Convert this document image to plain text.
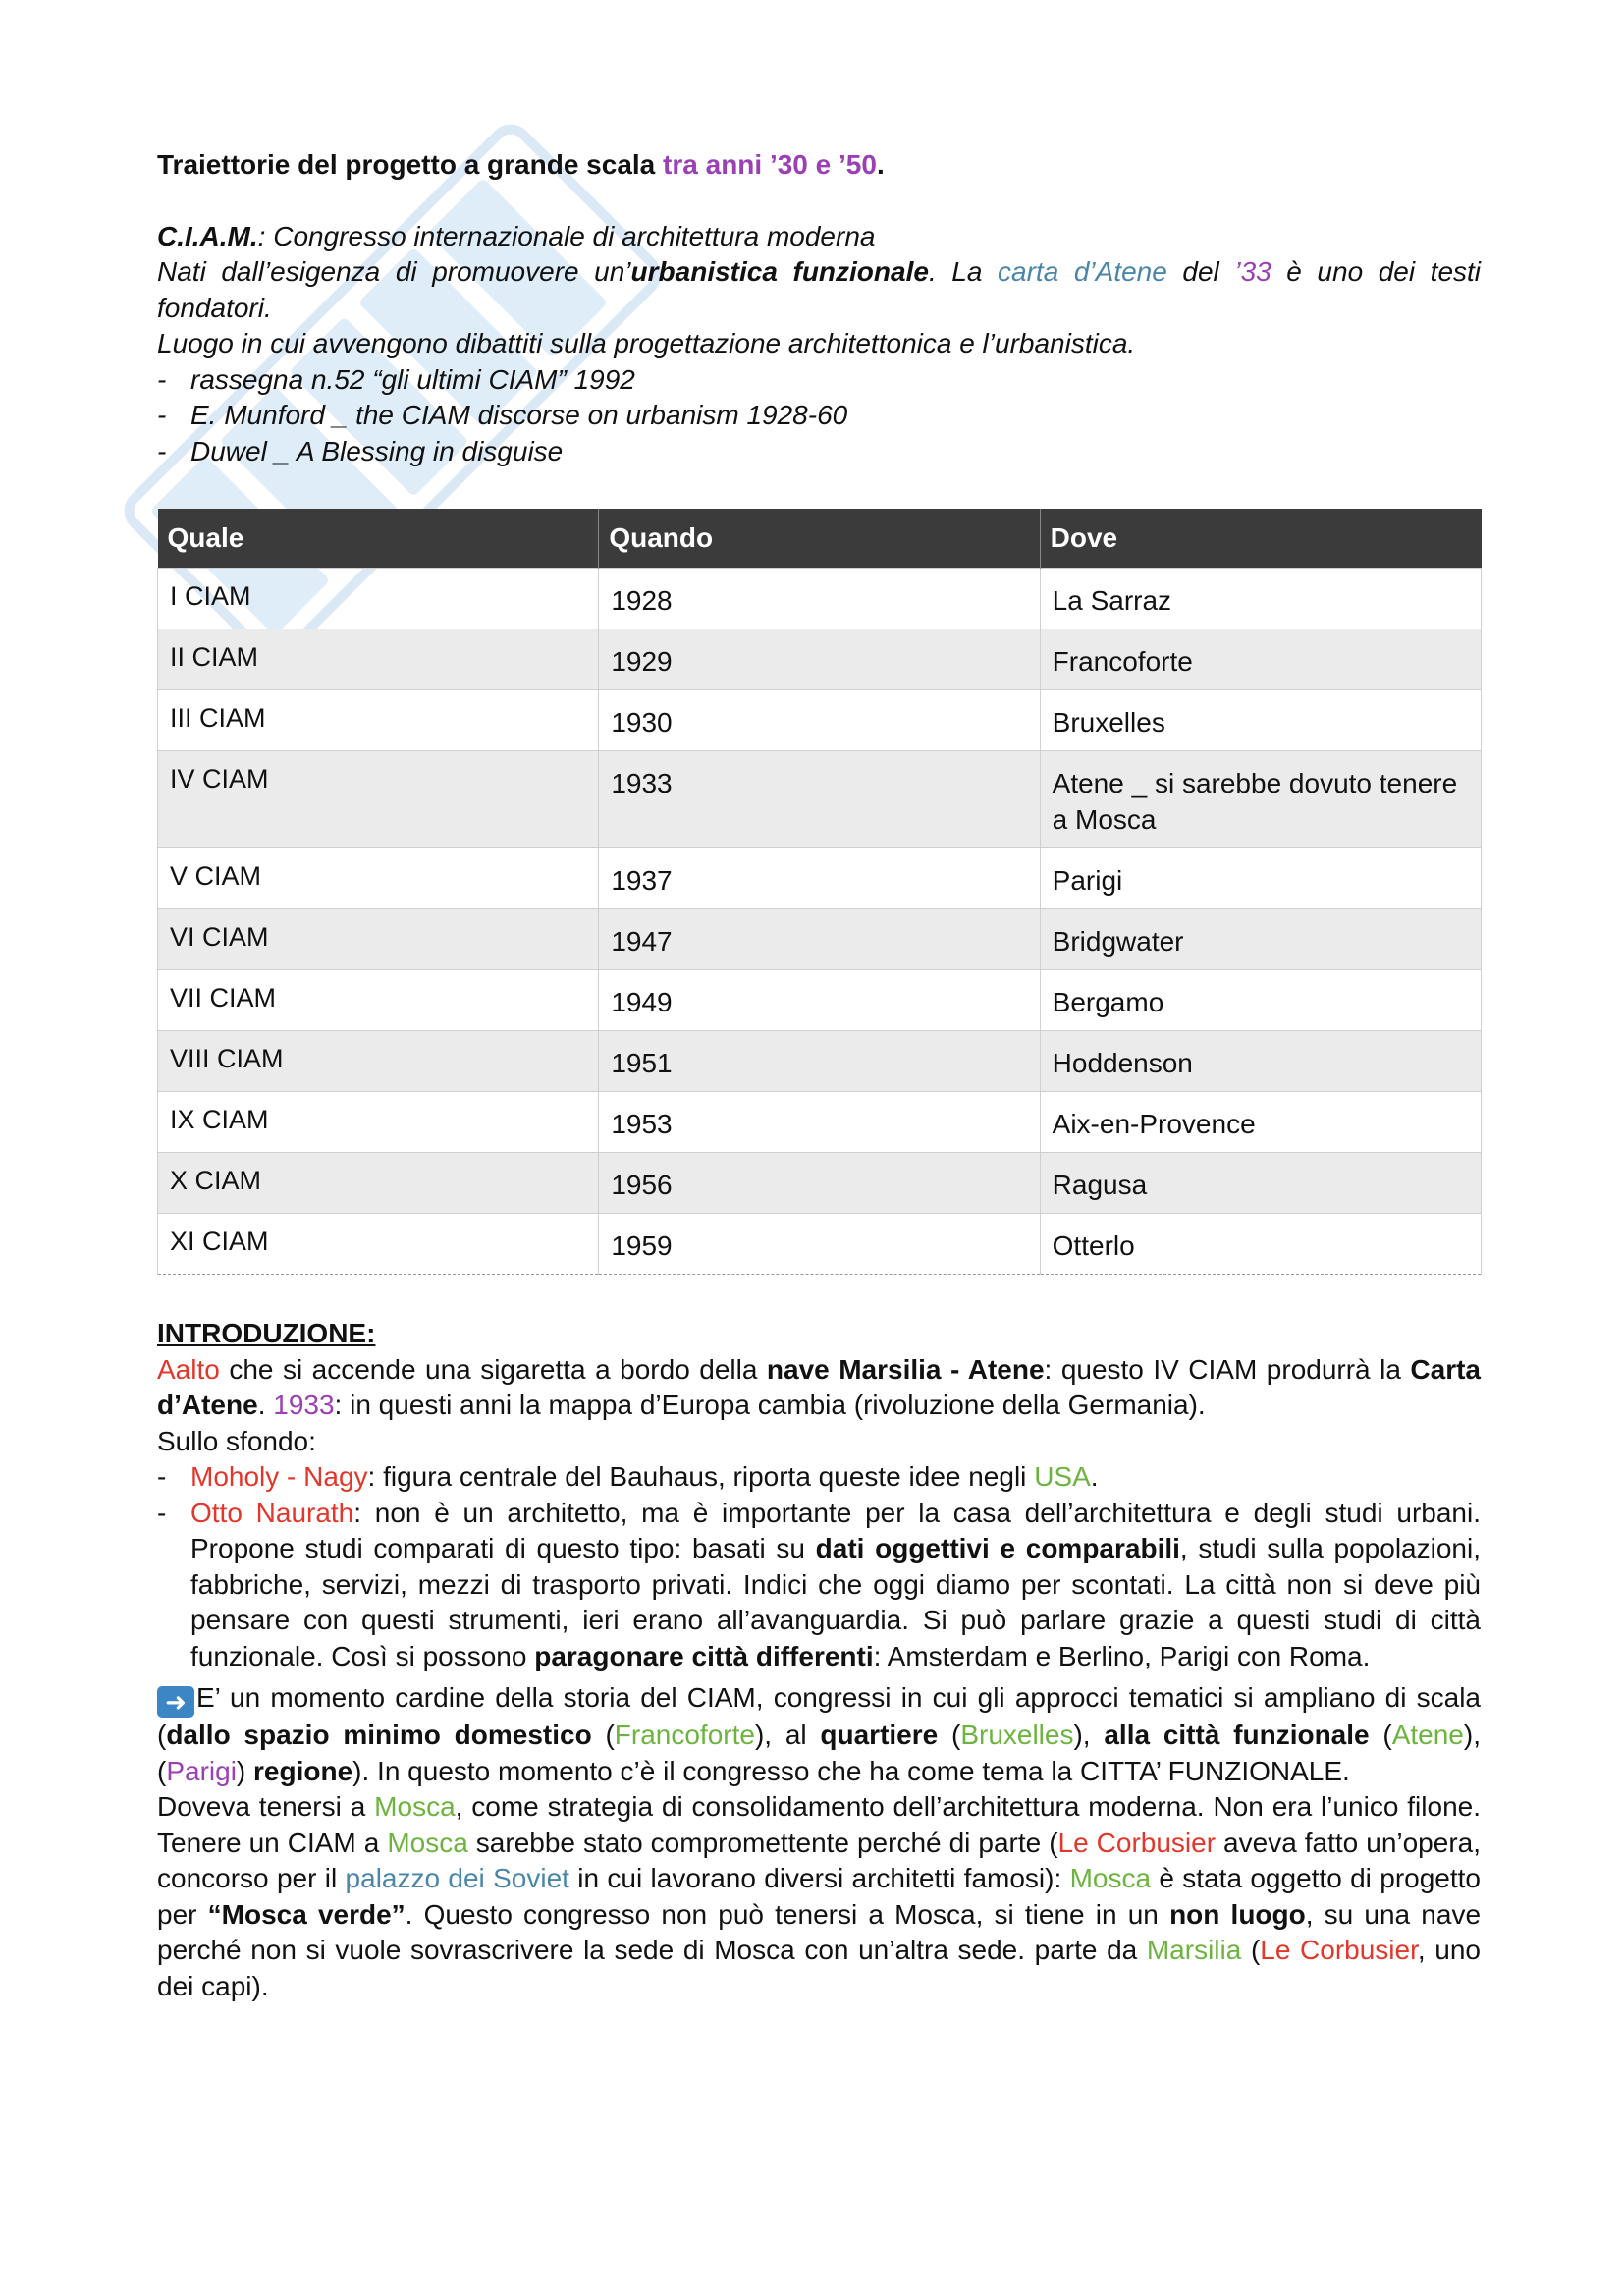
Traiettorie del progetto a grande scala tra anni ’30 e ’50.

C.I.A.M.: Congresso internazionale di architettura moderna
Nati dall’esigenza di promuovere un’urbanistica funzionale. La carta d’Atene del ’33 è uno dei testi fondatori.
Luogo in cui avvengono dibattiti sulla progettazione architettonica e l’urbanistica.
- rassegna n.52 “gli ultimi CIAM” 1992
- E. Munford _ the CIAM discorse on urbanism 1928-60
- Duwel _ A Blessing in disguise
Quale	Quando	Dove
I CIAM	1928	La Sarraz
II CIAM	1929	Francoforte
III CIAM	1930	Bruxelles
IV CIAM	1933	Atene _ si sarebbe dovuto tenere a Mosca
V CIAM	1937	Parigi
VI CIAM	1947	Bridgwater
VII CIAM	1949	Bergamo
VIII CIAM	1951	Hoddenson
IX CIAM	1953	Aix-en-Provence
X CIAM	1956	Ragusa
XI CIAM	1959	Otterlo

INTRODUZIONE:

Aalto che si accende una sigaretta a bordo della nave Marsilia - Atene: questo IV CIAM produrrà la Carta d’Atene. 1933: in questi anni la mappa d’Europa cambia (rivoluzione della Germania).
Sullo sfondo:
- Moholy - Nagy: figura centrale del Bauhaus, riporta queste idee negli USA.
- Otto Naurath: non è un architetto, ma è importante per la casa dell’architettura e degli studi urbani. Propone studi comparati di questo tipo: basati su dati oggettivi e comparabili, studi sulla popolazioni, fabbriche, servizi, mezzi di trasporto privati. Indici che oggi diamo per scontati. La città non si deve più pensare con questi strumenti, ieri erano all’avanguardia. Si può parlare grazie a questi studi di città funzionale. Così si possono paragonare città differenti: Amsterdam e Berlino, Parigi con Roma.
➜ E’ un momento cardine della storia del CIAM, congressi in cui gli approcci tematici si ampliano di scala (dallo spazio minimo domestico (Francoforte), al quartiere (Bruxelles), alla città funzionale (Atene), (Parigi) regione). In questo momento c’è il congresso che ha come tema la CITTA’ FUNZIONALE.
Doveva tenersi a Mosca, come strategia di consolidamento dell’architettura moderna. Non era l’unico filone. Tenere un CIAM a Mosca sarebbe stato compromettente perché di parte (Le Corbusier aveva fatto un’opera, concorso per il palazzo dei Soviet in cui lavorano diversi architetti famosi): Mosca è stata oggetto di progetto per “Mosca verde”. Questo congresso non può tenersi a Mosca, si tiene in un non luogo, su una nave perché non si vuole sovrascrivere la sede di Mosca con un’altra sede. parte da Marsilia (Le Corbusier, uno dei capi).
